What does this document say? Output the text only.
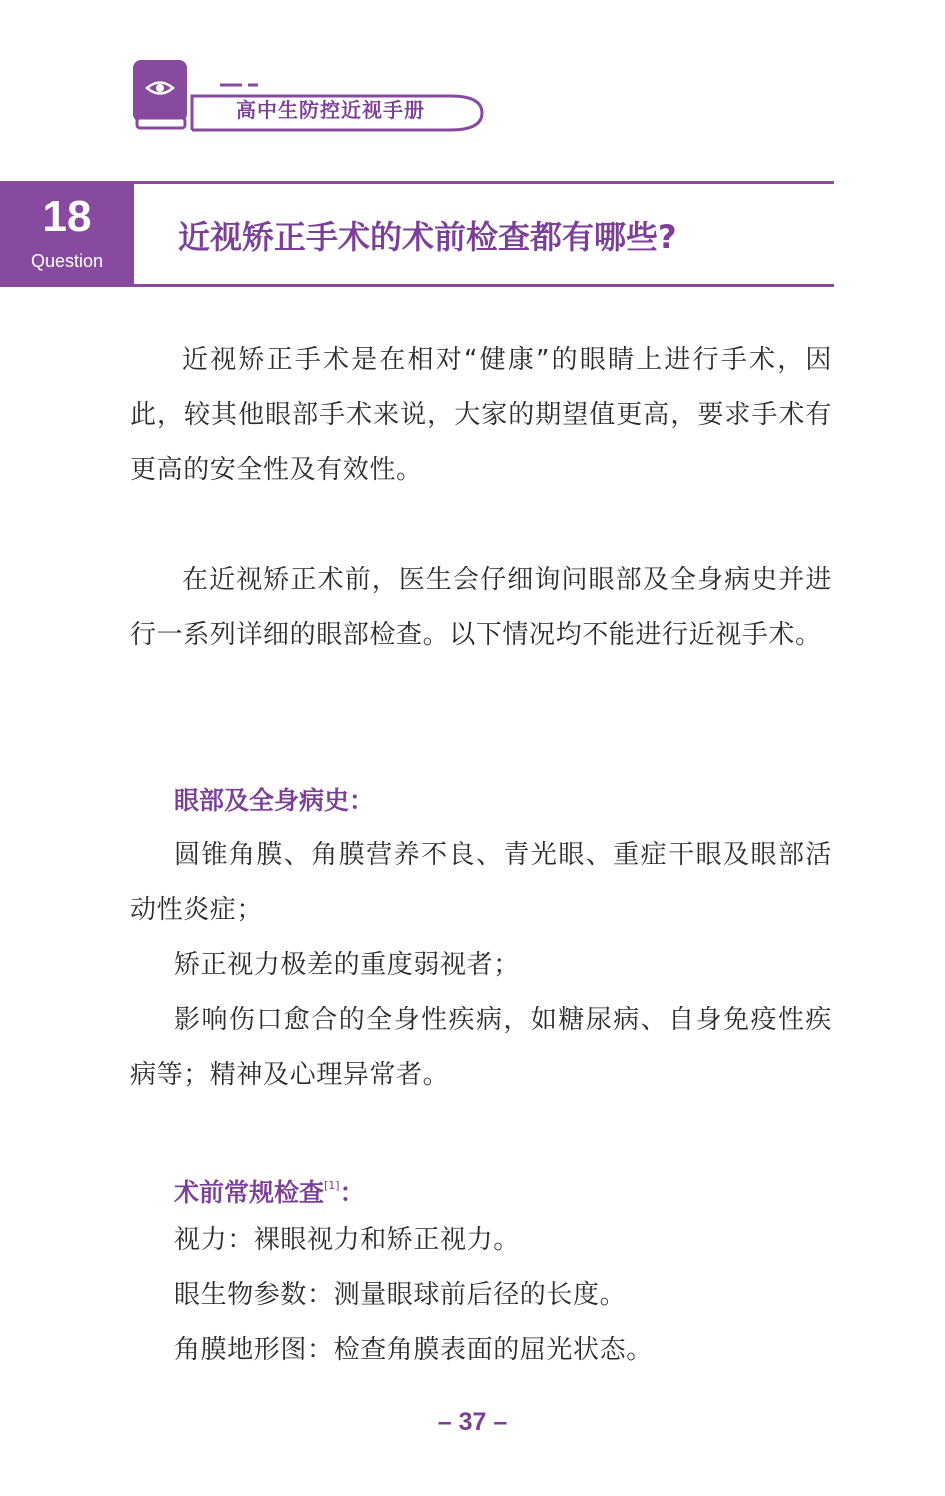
高中生防控近视手册
18
Question
近视矫正手术的术前检查都有哪些?
近视矫正手术是在相对“健康”的眼睛上进行手术，因此，较其他眼部手术来说，大家的期望值更高，要求手术有更高的安全性及有效性。
在近视矫正术前，医生会仔细询问眼部及全身病史并进行一系列详细的眼部检查。以下情况均不能进行近视手术。
眼部及全身病史：
圆锥角膜、角膜营养不良、青光眼、重症干眼及眼部活动性炎症；
矫正视力极差的重度弱视者；
影响伤口愈合的全身性疾病，如糖尿病、自身免疫性疾病等；精神及心理异常者。
术前常规检查[1]：
视力：裸眼视力和矫正视力。
眼生物参数：测量眼球前后径的长度。
角膜地形图：检查角膜表面的屈光状态。
– 37 –
